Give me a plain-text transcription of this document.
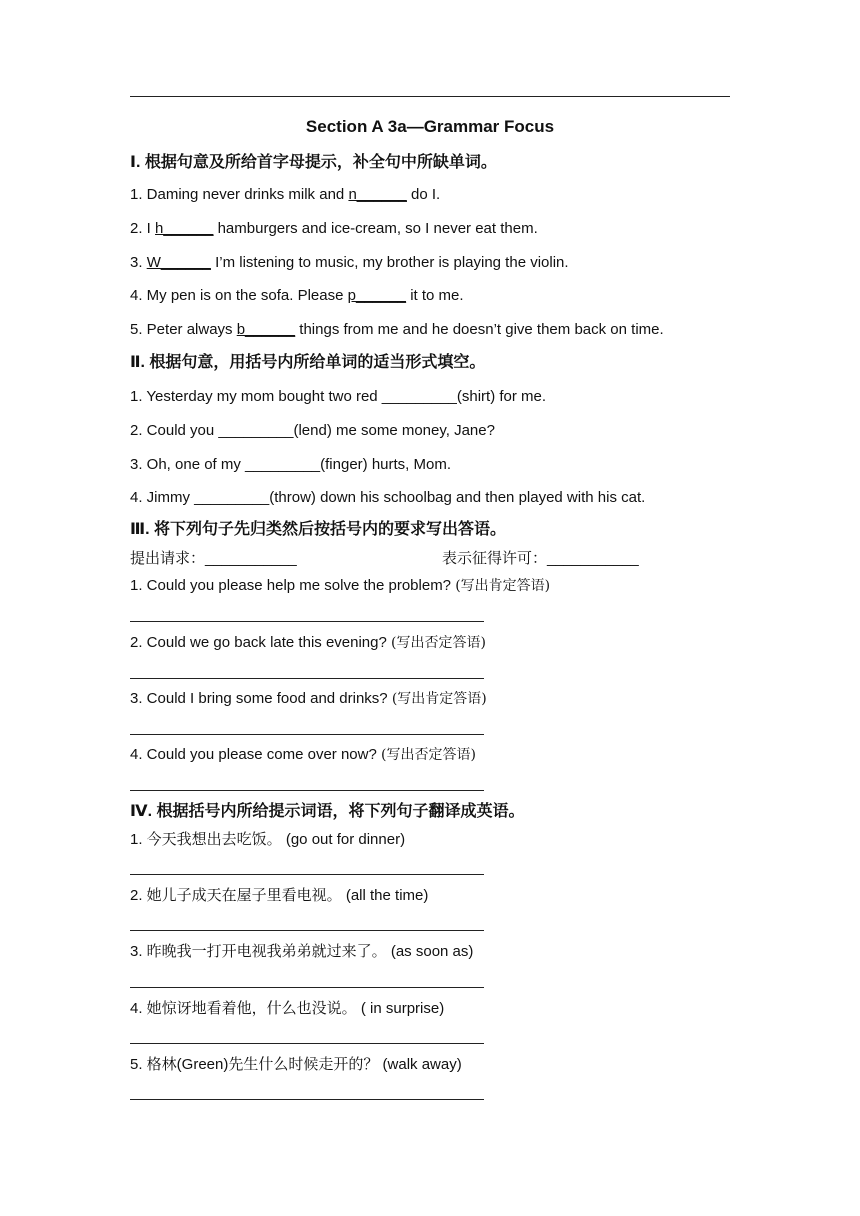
Section A 3a—Grammar Focus
Ⅰ. 根据句意及所给首字母提示，补全句中所缺单词。
1. Daming never drinks milk and n______ do I.
2. I h______ hamburgers and ice-cream, so I never eat them.
3. W______ I’m listening to music, my brother is playing the violin.
4. My pen is on the sofa. Please p______ it to me.
5. Peter always b______ things from me and he doesn’t give them back on time.
Ⅱ. 根据句意，用括号内所给单词的适当形式填空。
1. Yesterday my mom bought two red _________(shirt) for me.
2. Could you _________(lend) me some money, Jane?
3. Oh, one of my _________(finger) hurts, Mom.
4. Jimmy _________(throw) down his schoolbag and then played with his cat.
Ⅲ. 将下列句子先归类然后按括号内的要求写出答语。
提出请求：___________	表示征得许可：___________
1. Could you please help me solve the problem? (写出肯定答语)
2. Could we go back late this evening? (写出否定答语)
3. Could I bring some food and drinks? (写出肯定答语)
4. Could you please come over now? (写出否定答语)
Ⅳ. 根据括号内所给提示词语，将下列句子翻译成英语。
1. 今天我想出去吃饭。 (go out for dinner)
2. 她儿子成天在屋子里看电视。 (all the time)
3. 昨晚我一打开电视我弟弟就过来了。 (as soon as)
4. 她惊讶地看着他，什么也没说。 ( in surprise)
5. 格林(Green)先生什么时候走开的？ (walk away)
